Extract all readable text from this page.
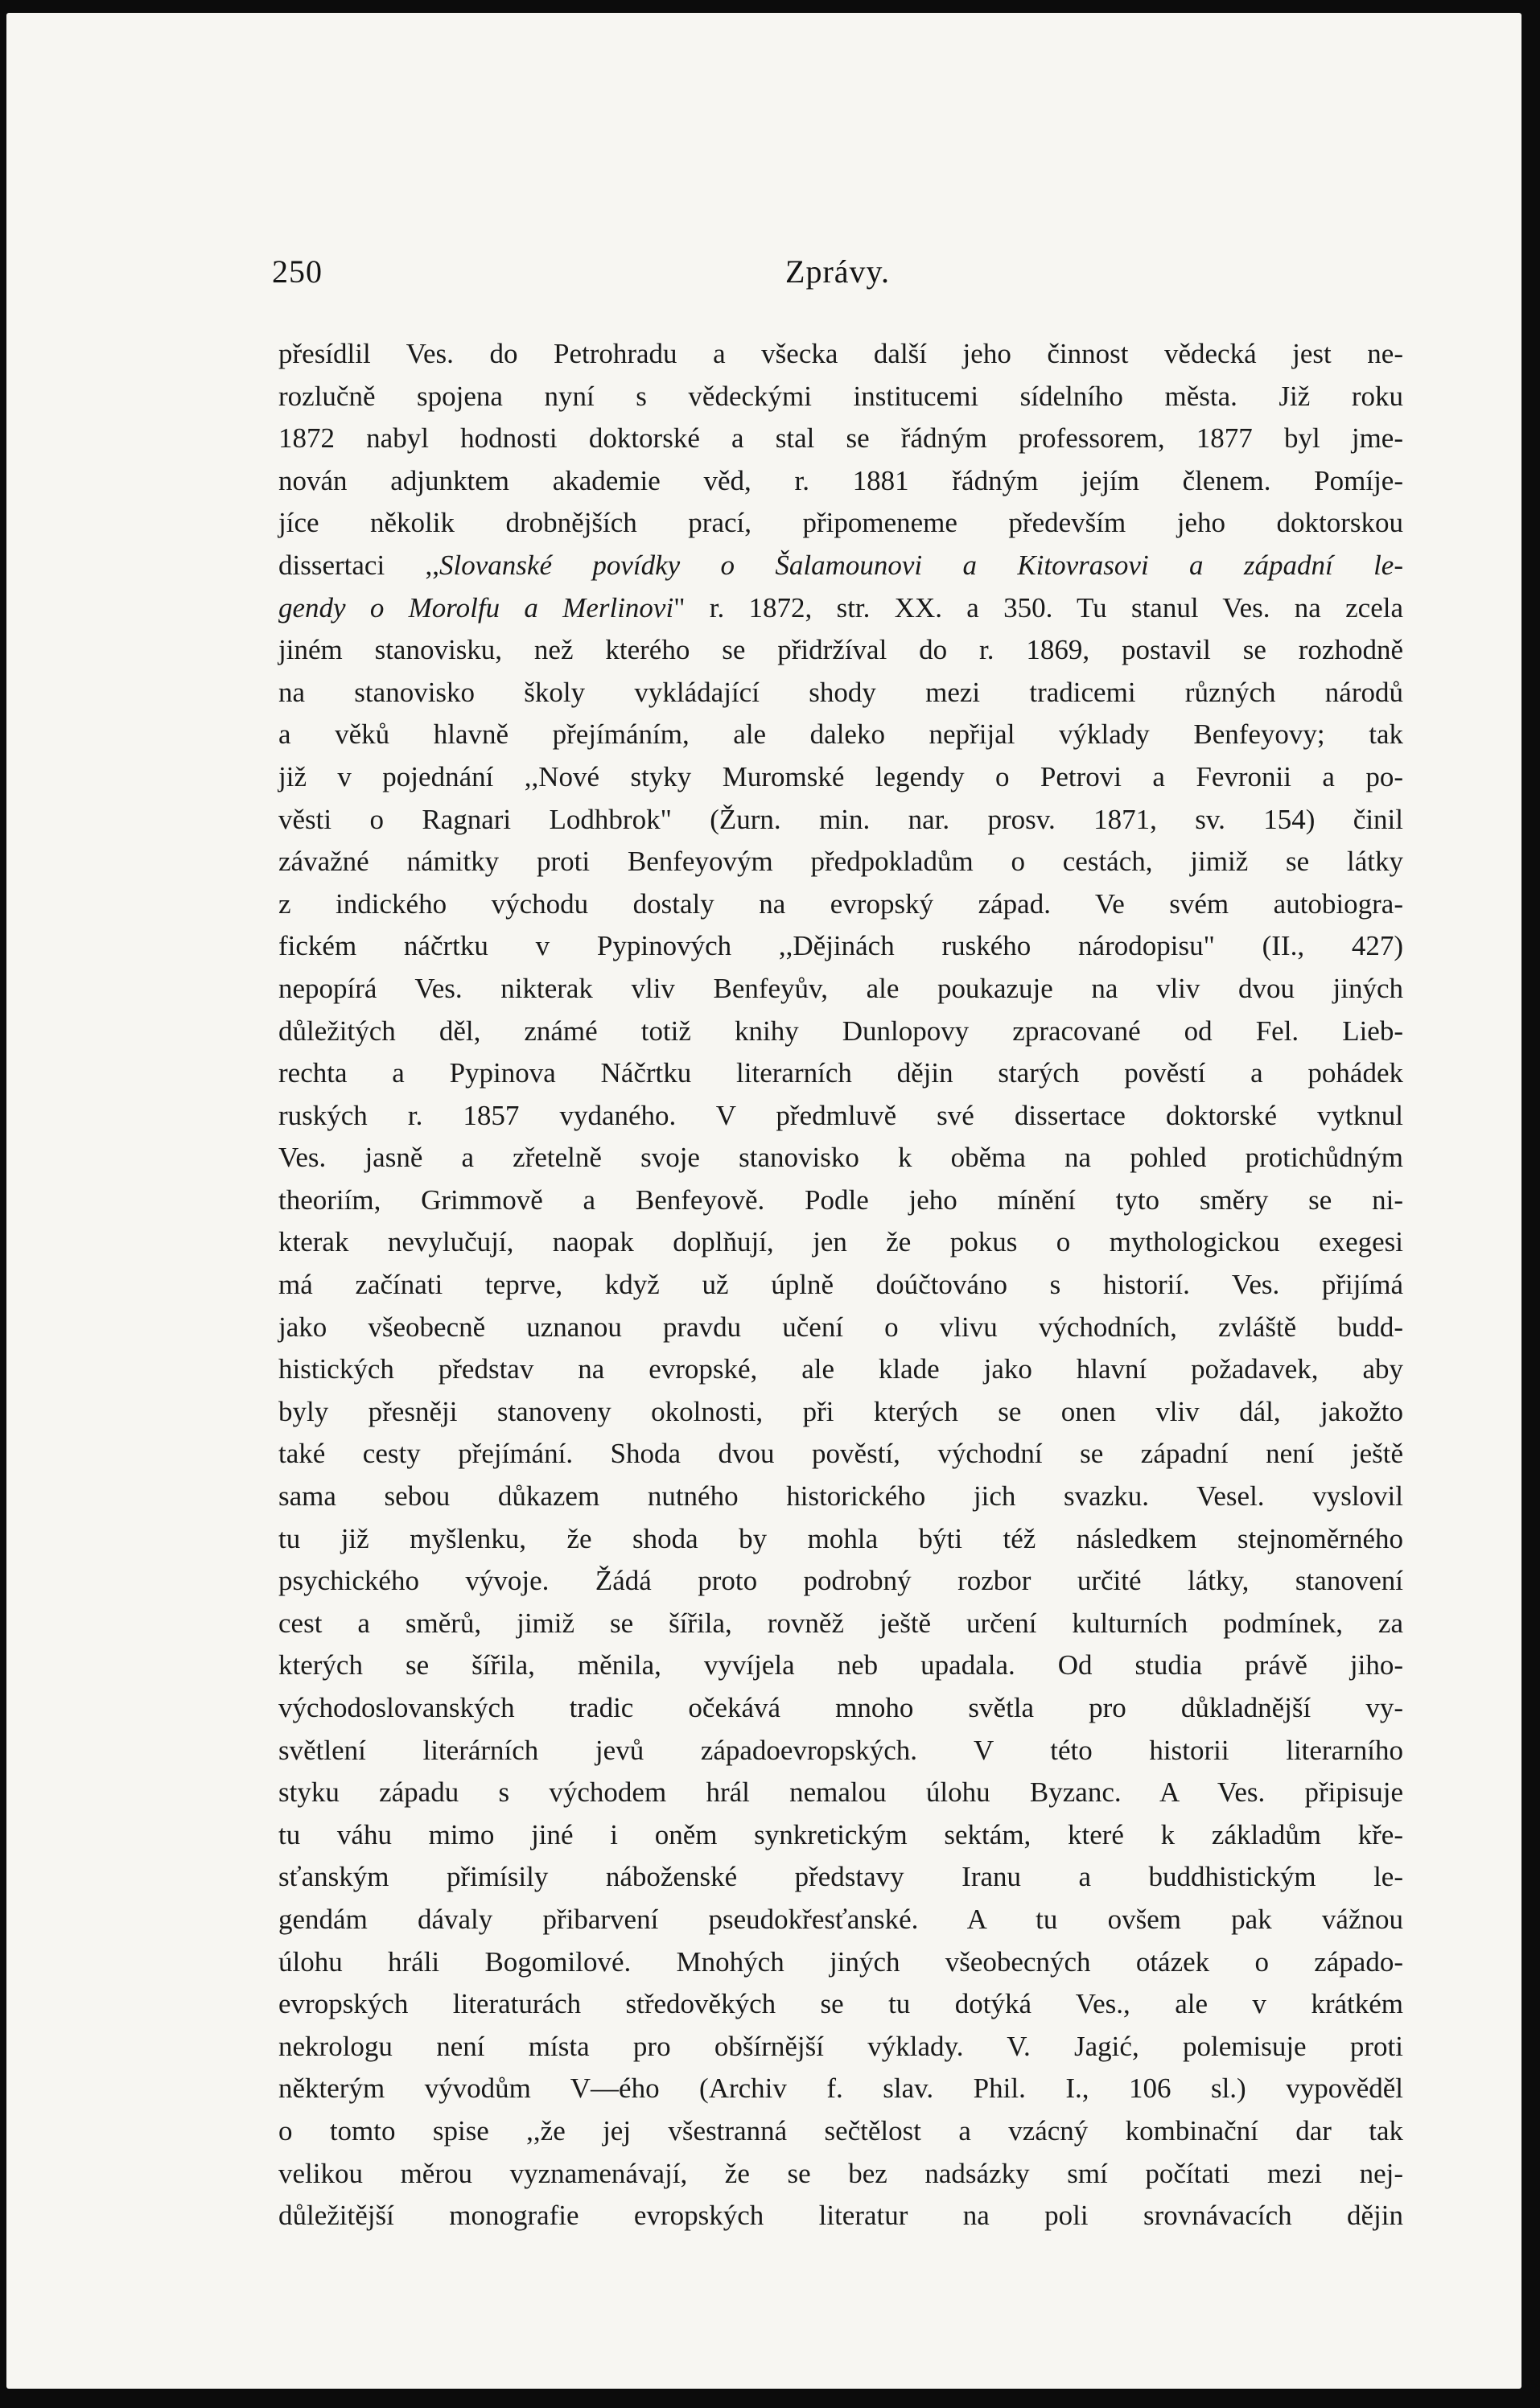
250	Zprávy.
přesídlil Ves. do Petrohradu a všecka další jeho činnost vědecká jest ne-
rozlučně spojena nyní s vědeckými institucemi sídelního města. Již roku
1872 nabyl hodnosti doktorské a stal se řádným professorem, 1877 byl jme-
nován adjunktem akademie věd, r. 1881 řádným jejím členem. Pomíje-
jíce několik drobnějších prací, připomeneme především jeho doktorskou
dissertaci ,,Slovanské povídky o Šalamounovi a Kitovrasovi a západní le-
gendy o Morolfu a Merlinovi" r. 1872, str. XX. a 350. Tu stanul Ves. na zcela
jiném stanovisku, než kterého se přidržíval do r. 1869, postavil se rozhodně
na stanovisko školy vykládající shody mezi tradicemi různých národů
a věků hlavně přejímáním, ale daleko nepřijal výklady Benfeyovy; tak
již v pojednání ,,Nové styky Muromské legendy o Petrovi a Fevronii a po-
věsti o Ragnari Lodhbrok" (Žurn. min. nar. prosv. 1871, sv. 154) činil
závažné námitky proti Benfeyovým předpokladům o cestách, jimiž se látky
z indického východu dostaly na evropský západ. Ve svém autobiogra-
fickém náčrtku v Pypinových ,,Dějinách ruského národopisu" (II., 427)
nepopírá Ves. nikterak vliv Benfeyův, ale poukazuje na vliv dvou jiných
důležitých děl, známé totiž knihy Dunlopovy zpracované od Fel. Lieb-
rechta a Pypinova Náčrtku literarních dějin starých pověstí a pohádek
ruských r. 1857 vydaného. V předmluvě své dissertace doktorské vytknul
Ves. jasně a zřetelně svoje stanovisko k oběma na pohled protichůdným
theoriím, Grimmově a Benfeyově. Podle jeho mínění tyto směry se ni-
kterak nevylučují, naopak doplňují, jen že pokus o mythologickou exegesi
má začínati teprve, když už úplně doúčtováno s historií. Ves. přijímá
jako všeobecně uznanou pravdu učení o vlivu východních, zvláště budd-
histických představ na evropské, ale klade jako hlavní požadavek, aby
byly přesněji stanoveny okolnosti, při kterých se onen vliv dál, jakožto
také cesty přejímání. Shoda dvou pověstí, východní se západní není ještě
sama sebou důkazem nutného historického jich svazku. Vesel. vyslovil
tu již myšlenku, že shoda by mohla býti též následkem stejnoměrného
psychického vývoje. Žádá proto podrobný rozbor určité látky, stanovení
cest a směrů, jimiž se šířila, rovněž ještě určení kulturních podmínek, za
kterých se šířila, měnila, vyvíjela neb upadala. Od studia právě jiho-
východoslovanských tradic očekává mnoho světla pro důkladnější vy-
světlení literárních jevů západoevropských. V této historii literarního
styku západu s východem hrál nemalou úlohu Byzanc. A Ves. připisuje
tu váhu mimo jiné i oněm synkretickým sektám, které k základům kře-
sťanským přimísily náboženské představy Iranu a buddhistickým le-
gendám dávaly přibarvení pseudokřesťanské. A tu ovšem pak vážnou
úlohu hráli Bogomilové. Mnohých jiných všeobecných otázek o západo-
evropských literaturách středověkých se tu dotýká Ves., ale v krátkém
nekrologu není místa pro obšírnější výklady. V. Jagić, polemisuje proti
některým vývodům V—ého (Archiv f. slav. Phil. I., 106 sl.) vypověděl
o tomto spise ,,že jej všestranná sečtělost a vzácný kombinační dar tak
velikou měrou vyznamenávají, že se bez nadsázky smí počítati mezi nej-
důležitější monografie evropských literatur na poli srovnávacích dějin
